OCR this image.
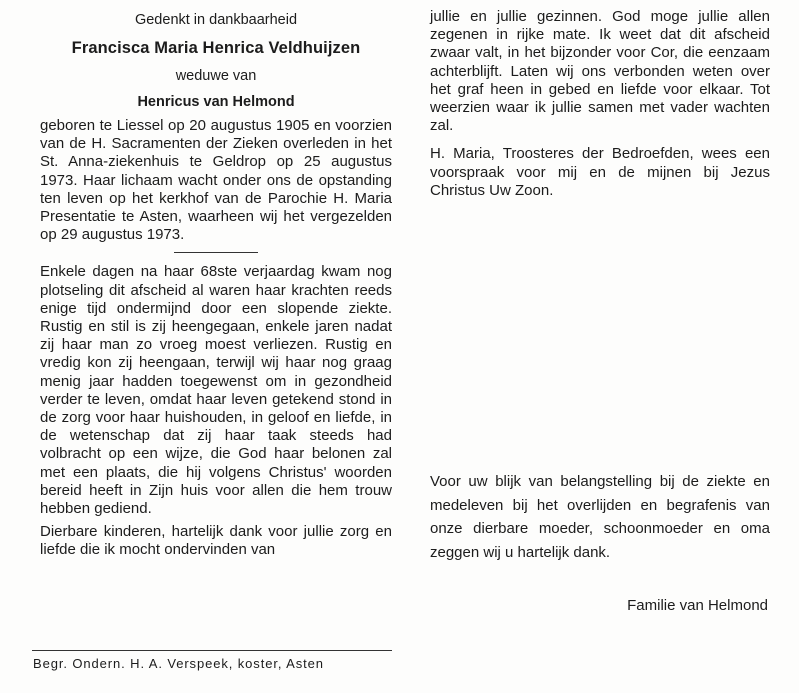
Gedenkt in dankbaarheid

Francisca Maria Henrica Veldhuijzen

weduwe van

Henricus van Helmond

geboren te Liessel op 20 augustus 1905 en voorzien van de H. Sacramenten der Zieken overleden in het St. Anna-ziekenhuis te Geldrop op 25 augustus 1973. Haar lichaam wacht onder ons de opstanding ten leven op het kerkhof van de Parochie H. Maria Presentatie te Asten, waarheen wij het vergezelden op 29 augustus 1973.

Enkele dagen na haar 68ste verjaardag kwam nog plotseling dit afscheid al waren haar krachten reeds enige tijd ondermijnd door een slopende ziekte. Rustig en stil is zij heengegaan, enkele jaren nadat zij haar man zo vroeg moest verliezen. Rustig en vredig kon zij heengaan, terwijl wij haar nog graag menig jaar hadden toegewenst om in gezondheid verder te leven, omdat haar leven getekend stond in de zorg voor haar huishouden, in geloof en liefde, in de wetenschap dat zij haar taak steeds had volbracht op een wijze, die God haar belonen zal met een plaats, die hij volgens Christus' woorden bereid heeft in Zijn huis voor allen die hem trouw hebben gediend.

Dierbare kinderen, hartelijk dank voor jullie zorg en liefde die ik mocht ondervinden van

Begr. Ondern. H. A. Verspeek, koster, Asten

jullie en jullie gezinnen. God moge jullie allen zegenen in rijke mate. Ik weet dat dit afscheid zwaar valt, in het bijzonder voor Cor, die eenzaam achterblijft. Laten wij ons verbonden weten over het graf heen in gebed en liefde voor elkaar. Tot weerzien waar ik jullie samen met vader wachten zal.

H. Maria, Troosteres der Bedroefden, wees een voorspraak voor mij en de mijnen bij Jezus Christus Uw Zoon.

Voor uw blijk van belangstelling bij de ziekte en medeleven bij het overlijden en begrafenis van onze dierbare moeder, schoonmoeder en oma zeggen wij u hartelijk dank.

Familie van Helmond
